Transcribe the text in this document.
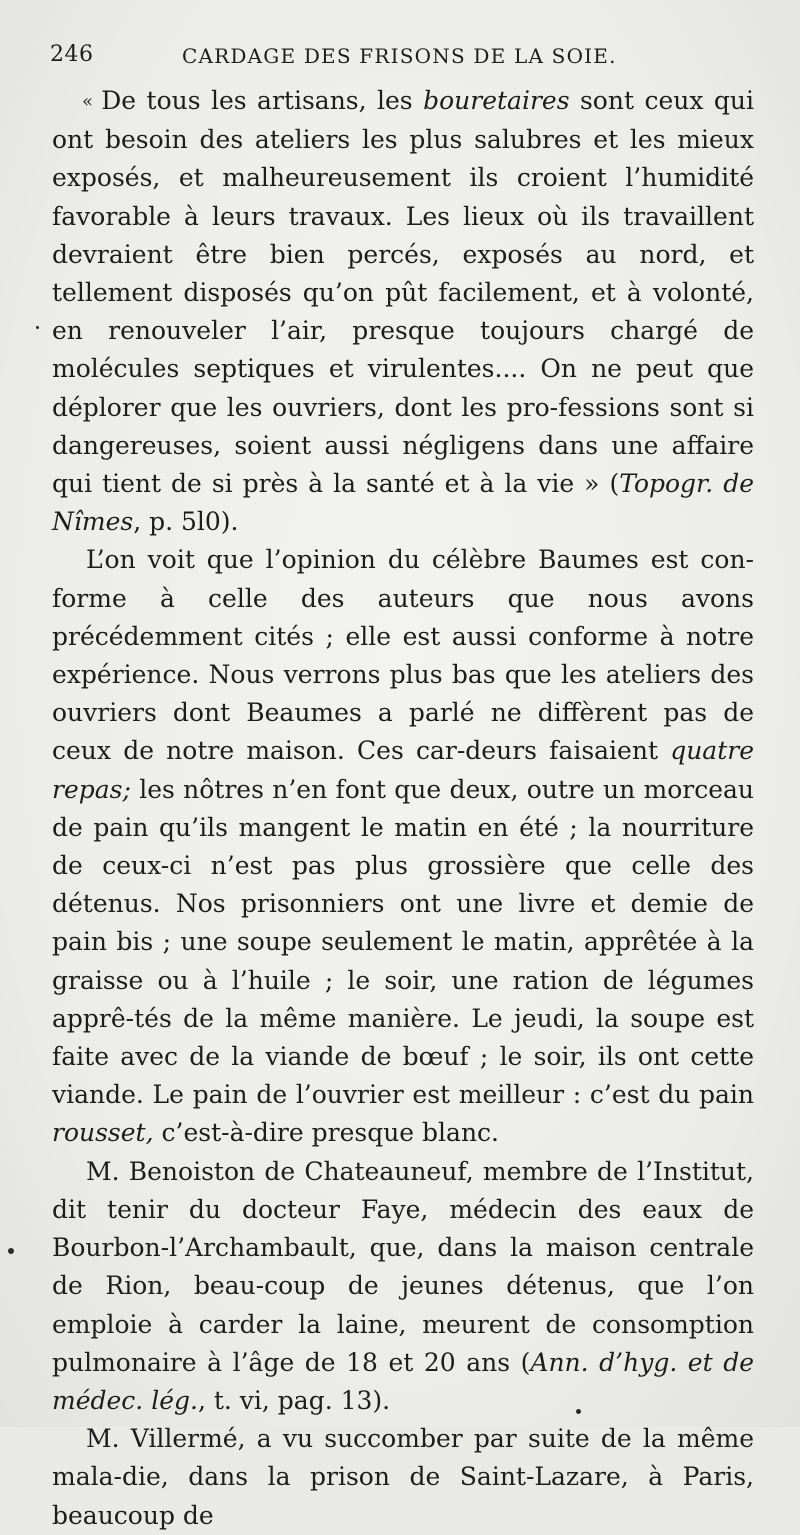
246	CARDAGE DES FRISONS DE LA SOIE.

« De tous les artisans, les bouretaires sont ceux qui ont besoin des ateliers les plus salubres et les mieux exposés, et malheureusement ils croient l’humidité favorable à leurs travaux. Les lieux où ils travaillent devraient être bien percés, exposés au nord, et tellement disposés qu’on pût facilement, et à volonté, en renouveler l’air, presque toujours chargé de molécules septiques et virulentes.... On ne peut que déplorer que les ouvriers, dont les pro-fessions sont si dangereuses, soient aussi négligens dans une affaire qui tient de si près à la santé et à la vie » (Topogr. de Nîmes, p. 5l0).

L’on voit que l’opinion du célèbre Baumes est con-forme à celle des auteurs que nous avons précédemment cités ; elle est aussi conforme à notre expérience. Nous verrons plus bas que les ateliers des ouvriers dont Beaumes a parlé ne diffèrent pas de ceux de notre maison. Ces car-deurs faisaient quatre repas; les nôtres n’en font que deux, outre un morceau de pain qu’ils mangent le matin en été ; la nourriture de ceux-ci n’est pas plus grossière que celle des détenus. Nos prisonniers ont une livre et demie de pain bis ; une soupe seulement le matin, apprêtée à la graisse ou à l’huile ; le soir, une ration de légumes apprê-tés de la même manière. Le jeudi, la soupe est faite avec de la viande de bœuf ; le soir, ils ont cette viande. Le pain de l’ouvrier est meilleur : c’est du pain rousset, c’est-à-dire presque blanc.

M. Benoiston de Chateauneuf, membre de l’Institut, dit tenir du docteur Faye, médecin des eaux de Bourbon-l’Archambault, que, dans la maison centrale de Rion, beau-coup de jeunes détenus, que l’on emploie à carder la laine, meurent de consomption pulmonaire à l’âge de 18 et 20 ans (Ann. d’hyg. et de médec. lég., t. vi, pag. 13).

M. Villermé, a vu succomber par suite de la même mala-die, dans la prison de Saint-Lazare, à Paris, beaucoup de
